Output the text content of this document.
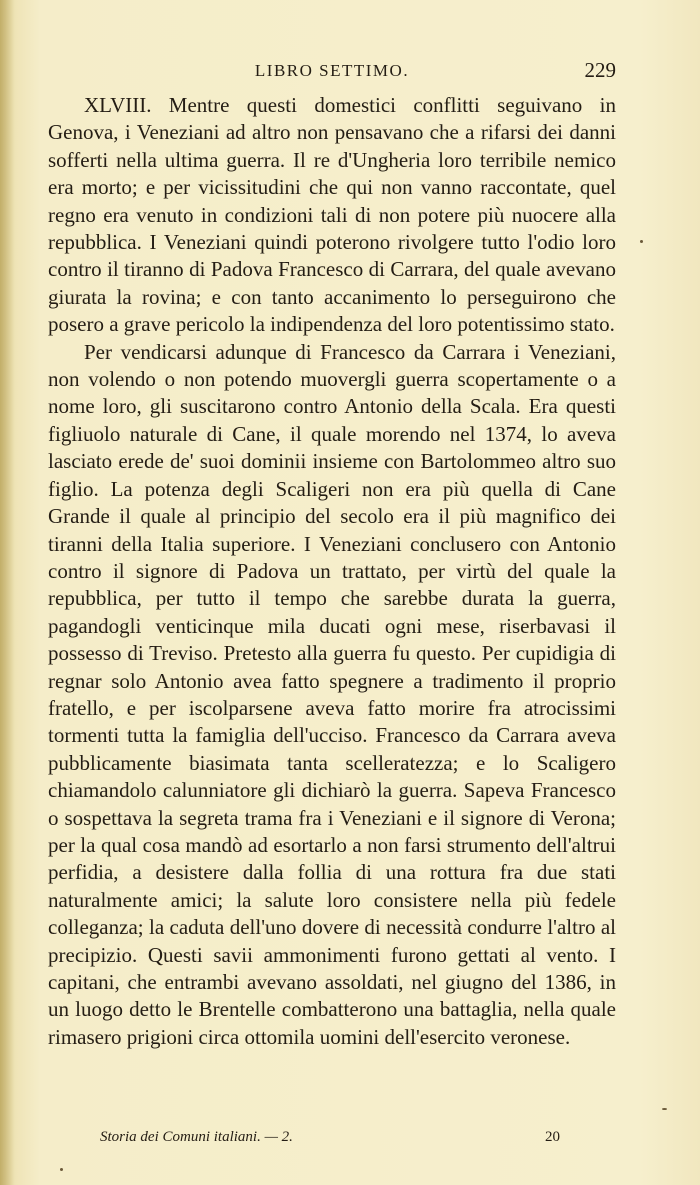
LIBRO SETTIMO.	229

XLVIII. Mentre questi domestici conflitti seguivano in Genova, i Veneziani ad altro non pensavano che a rifarsi dei danni sofferti nella ultima guerra. Il re d'Ungheria loro terribile nemico era morto; e per vicissitudini che qui non vanno raccontate, quel regno era venuto in condizioni tali di non potere più nuocere alla repubblica. I Veneziani quindi poterono rivolgere tutto l'odio loro contro il tiranno di Padova Francesco di Carrara, del quale avevano giurata la rovina; e con tanto accanimento lo perseguirono che posero a grave pericolo la indipendenza del loro potentissimo stato.

Per vendicarsi adunque di Francesco da Carrara i Veneziani, non volendo o non potendo muovergli guerra scopertamente o a nome loro, gli suscitarono contro Antonio della Scala. Era questi figliuolo naturale di Cane, il quale morendo nel 1374, lo aveva lasciato erede de' suoi dominii insieme con Bartolommeo altro suo figlio. La potenza degli Scaligeri non era più quella di Cane Grande il quale al principio del secolo era il più magnifico dei tiranni della Italia superiore. I Veneziani conclusero con Antonio contro il signore di Padova un trattato, per virtù del quale la repubblica, per tutto il tempo che sarebbe durata la guerra, pagandogli venticinque mila ducati ogni mese, riserbavasi il possesso di Treviso. Pretesto alla guerra fu questo. Per cupidigia di regnar solo Antonio avea fatto spegnere a tradimento il proprio fratello, e per iscolparsene aveva fatto morire fra atrocissimi tormenti tutta la famiglia dell'ucciso. Francesco da Carrara aveva pubblicamente biasimata tanta scelleratezza; e lo Scaligero chiamandolo calunniatore gli dichiarò la guerra. Sapeva Francesco o sospettava la segreta trama fra i Veneziani e il signore di Verona; per la qual cosa mandò ad esortarlo a non farsi strumento dell'altrui perfidia, a desistere dalla follia di una rottura fra due stati naturalmente amici; la salute loro consistere nella più fedele colleganza; la caduta dell'uno dovere di necessità condurre l'altro al precipizio. Questi savii ammonimenti furono gettati al vento. I capitani, che entrambi avevano assoldati, nel giugno del 1386, in un luogo detto le Brentelle combatterono una battaglia, nella quale rimasero prigioni circa ottomila uomini dell'esercito veronese.

Storia dei Comuni italiani. — 2.	20
